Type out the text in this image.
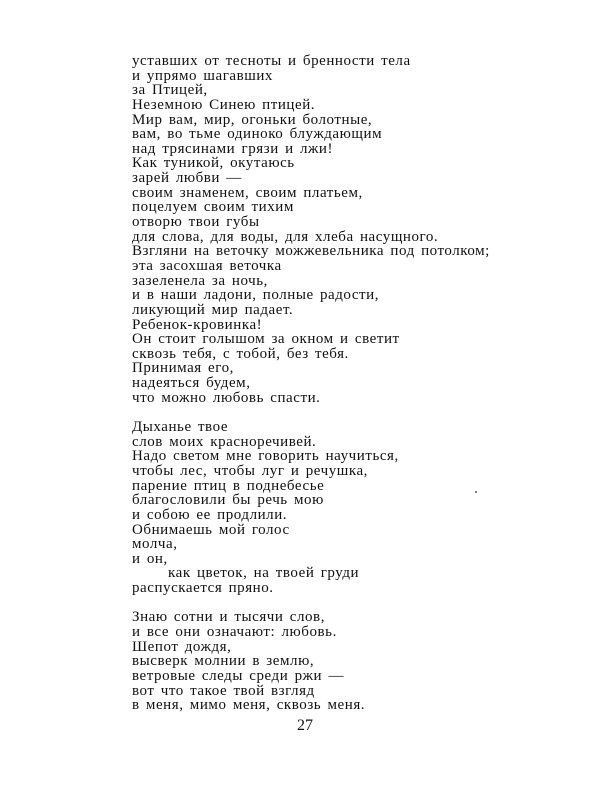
уставших от тесноты и бренности тела
и упрямо шагавших
за Птицей,
Неземною Синею птицей.
Мир вам, мир, огоньки болотные,
вам, во тьме одиноко блуждающим
над трясинами грязи и лжи!
Как туникой, окутаюсь
зарей любви —
своим знаменем, своим платьем,
поцелуем своим тихим
отворю твои губы
для слова, для воды, для хлеба насущного.
Взгляни на веточку можжевельника под потолком;
эта засохшая веточка
зазеленела за ночь,
и в наши ладони, полные радости,
ликующий мир падает.
Ребенок-кровинка!
Он стоит голышом за окном и светит
сквозь тебя, с тобой, без тебя.
Принимая его,
надеяться будем,
что можно любовь спасти.
Дыханье твое
слов моих красноречивей.
Надо светом мне говорить научиться,
чтобы лес, чтобы луг и речушка,
парение птиц в поднебесье
благословили бы речь мою
и собою ее продлили.
Обнимаешь мой голос
молча,
и он,
как цветок, на твоей груди
распускается пряно.
Знаю сотни и тысячи слов,
и все они означают: любовь.
Шепот дождя,
высверк молнии в землю,
ветровые следы среди ржи —
вот что такое твой взгляд
в меня, мимо меня, сквозь меня.
27
